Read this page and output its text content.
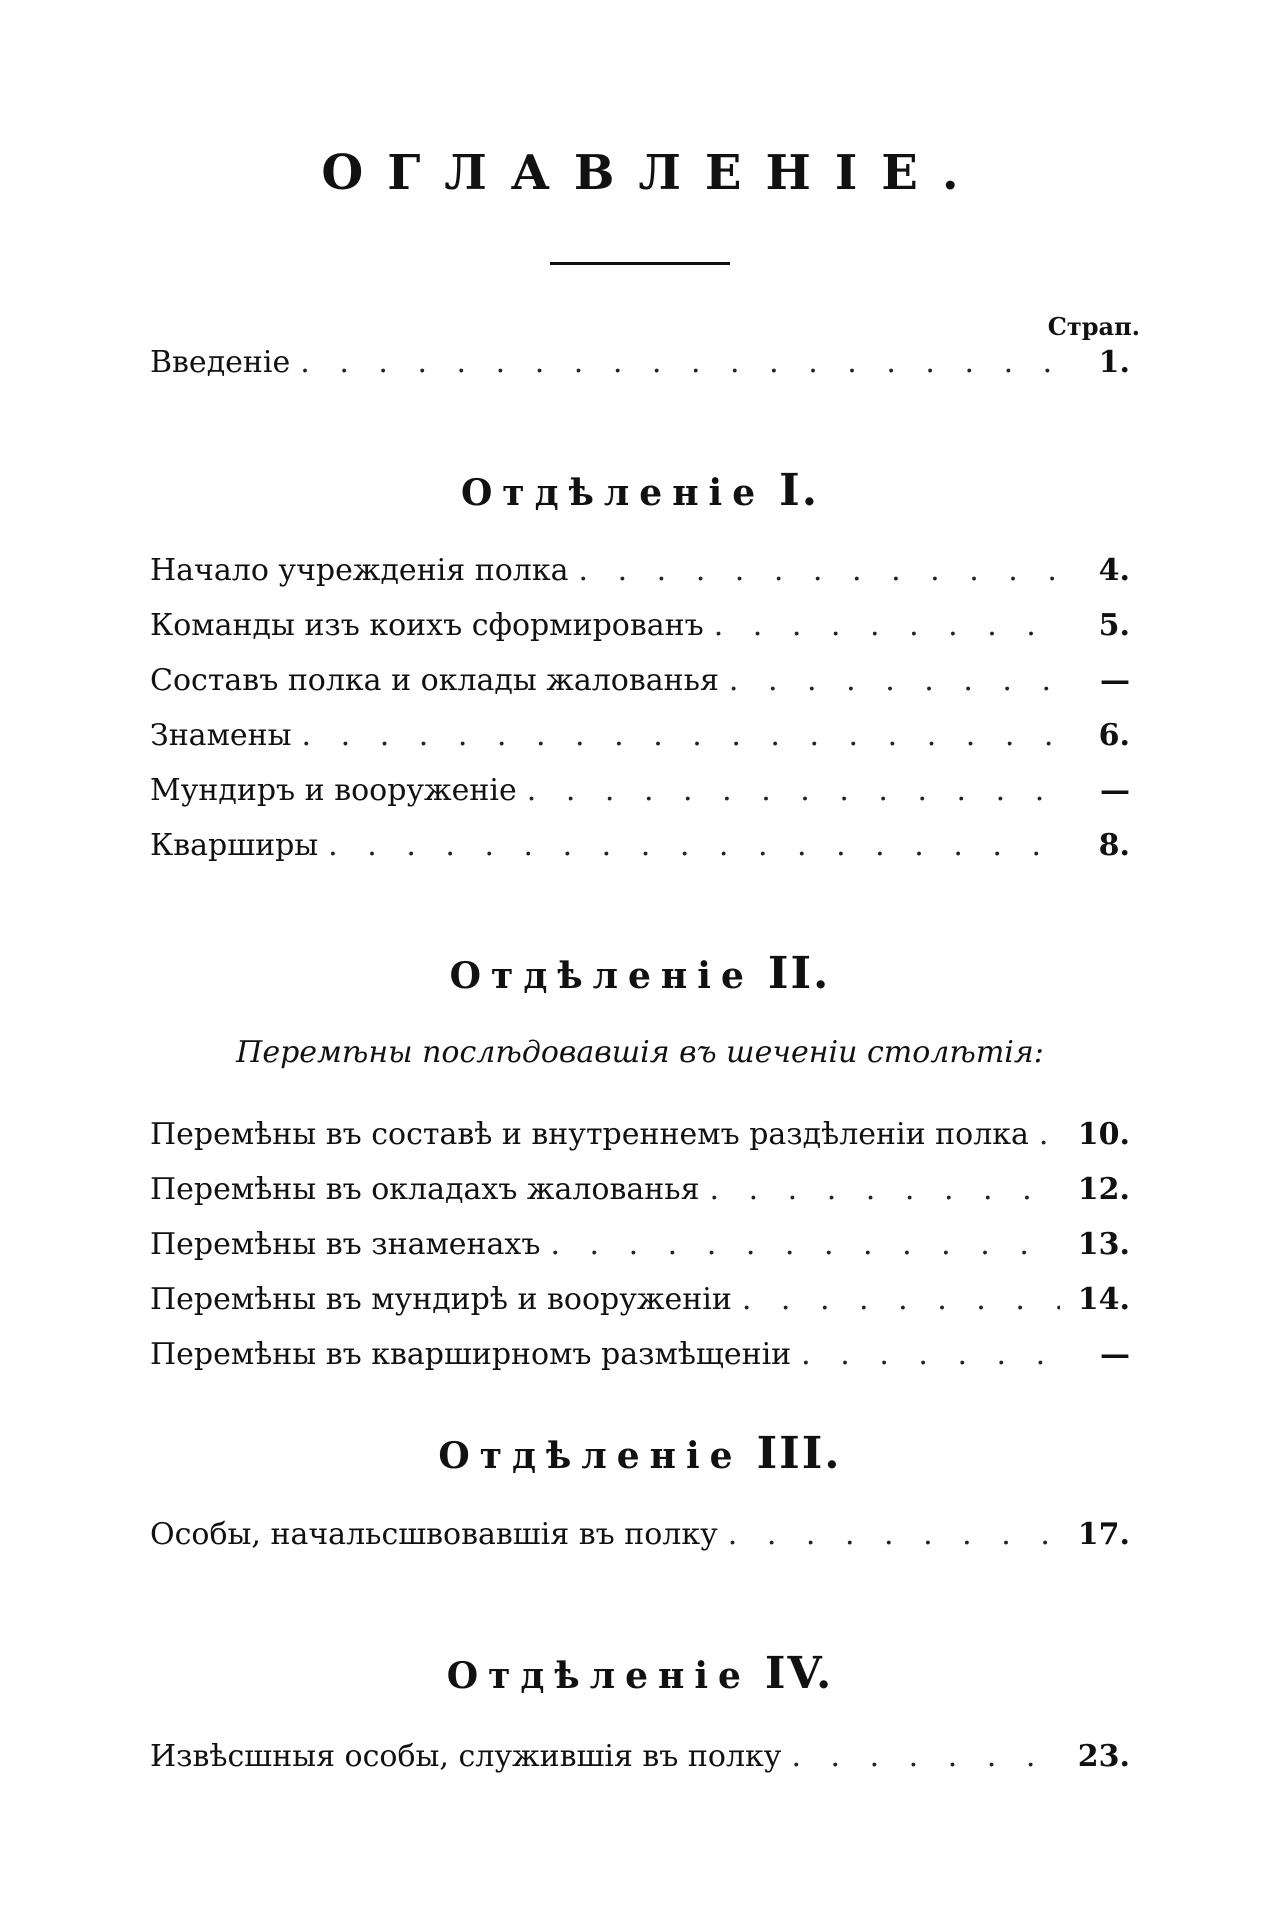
ОГЛАВЛЕНІЕ.
Страп.
Введеніе . . .	1.
Отдѣленіе I.
Начало учрежденія полка . . .	4.
Команды изъ коихъ сформированъ . . .	5.
Составъ полка и оклады жалованья . . .	—
Знамены . . .	6.
Мундиръ и вооруженіе . . .	—
Кварширы . . .	8.
Отдѣленіе II.
Перемѣны послѣдовавшія въ шеченіи столѣтія:
Перемѣны въ составѣ и внутреннемъ раздѣленіи полка . . . 10.
Перемѣны въ окладахъ жалованья . . .	12.
Перемѣны въ знаменахъ . . .	13.
Перемѣны въ мундирѣ и вооруженіи . . .	14.
Перемѣны въ кварширномъ размѣщеніи . . .	—
Отдѣленіе III.
Особы, начальсшвовавшія въ полку . . .	17.
Отдѣленіе IV.
Извѣсшныя особы, служившія въ полку . . .	23.
